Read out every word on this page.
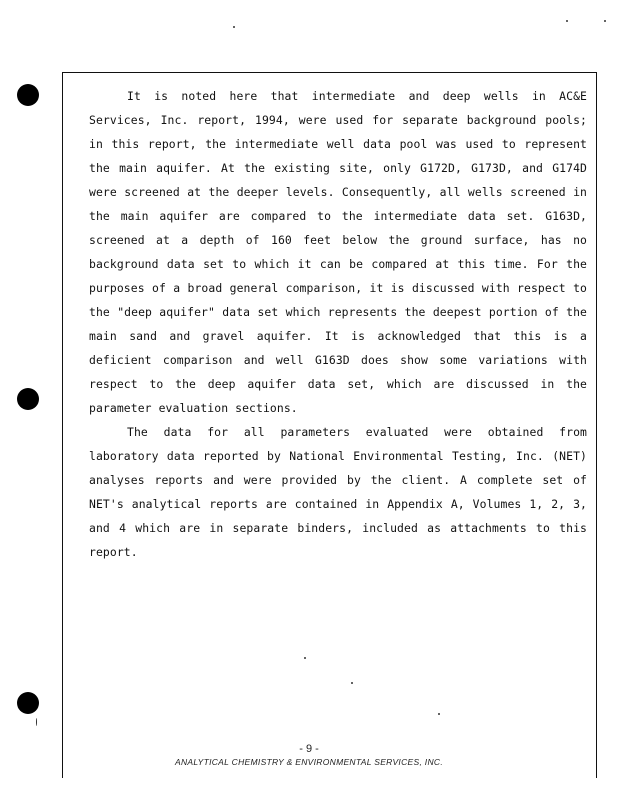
It is noted here that intermediate and deep wells in AC&E Services, Inc. report, 1994, were used for separate background pools; in this report, the intermediate well data pool was used to represent the main aquifer. At the existing site, only G172D, G173D, and G174D were screened at the deeper levels. Consequently, all wells screened in the main aquifer are compared to the intermediate data set. G163D, screened at a depth of 160 feet below the ground surface, has no background data set to which it can be compared at this time. For the purposes of a broad general comparison, it is discussed with respect to the "deep aquifer" data set which represents the deepest portion of the main sand and gravel aquifer. It is acknowledged that this is a deficient comparison and well G163D does show some variations with respect to the deep aquifer data set, which are discussed in the parameter evaluation sections.

The data for all parameters evaluated were obtained from laboratory data reported by National Environmental Testing, Inc. (NET) analyses reports and were provided by the client. A complete set of NET's analytical reports are contained in Appendix A, Volumes 1, 2, 3, and 4 which are in separate binders, included as attachments to this report.

- 9 -
ANALYTICAL CHEMISTRY & ENVIRONMENTAL SERVICES, INC.
